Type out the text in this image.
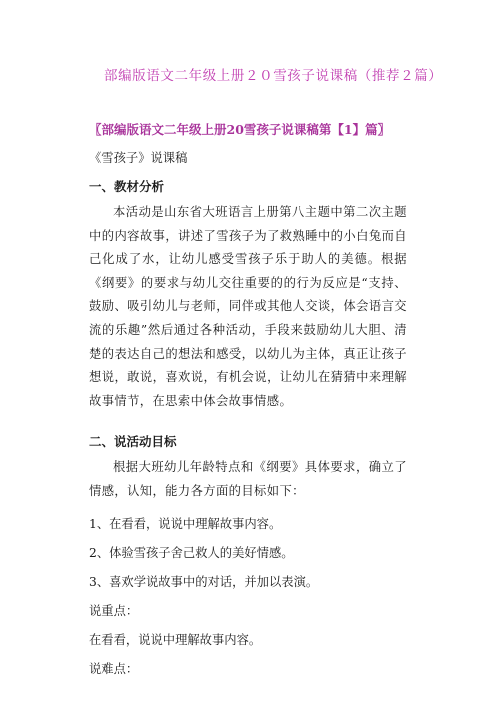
部编版语文二年级上册２０雪孩子说课稿（推荐２篇）
〖部编版语文二年级上册20雪孩子说课稿第【1】篇〗
《雪孩子》说课稿
一、教材分析
本活动是山东省大班语言上册第八主题中第二次主题中的内容故事，讲述了雪孩子为了救熟睡中的小白兔而自己化成了水，让幼儿感受雪孩子乐于助人的美德。根据《纲要》的要求与幼儿交往重要的的行为反应是“支持、鼓励、吸引幼儿与老师，同伴或其他人交谈，体会语言交流的乐趣”然后通过各种活动，手段来鼓励幼儿大胆、清楚的表达自己的想法和感受，以幼儿为主体，真正让孩子想说，敢说，喜欢说，有机会说，让幼儿在猜猜中来理解故事情节，在思索中体会故事情感。
二、说活动目标
根据大班幼儿年龄特点和《纲要》具体要求，确立了情感，认知，能力各方面的目标如下：
1、在看看，说说中理解故事内容。
2、体验雪孩子舍己救人的美好情感。
3、喜欢学说故事中的对话，并加以表演。
说重点：
在看看，说说中理解故事内容。
说难点：
